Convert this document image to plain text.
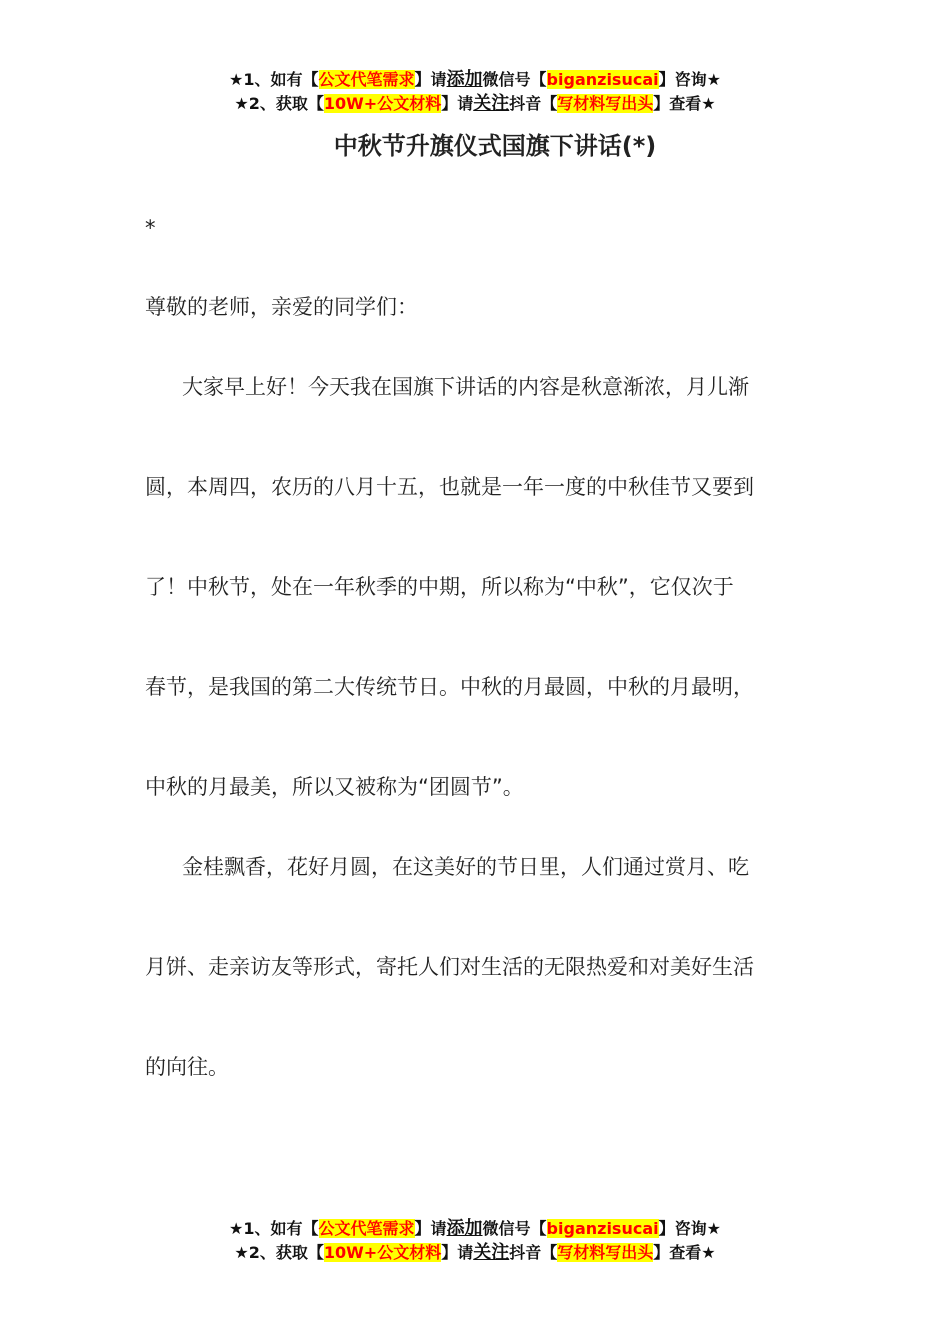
★1、如有【公文代笔需求】请添加微信号【biganzisucai】咨询★
★2、获取【10W+公文材料】请关注抖音【写材料写出头】查看★
中秋节升旗仪式国旗下讲话(*)
*
尊敬的老师，亲爱的同学们：
大家早上好！今天我在国旗下讲话的内容是秋意渐浓，月儿渐
圆，本周四，农历的八月十五，也就是一年一度的中秋佳节又要到
了！中秋节，处在一年秋季的中期，所以称为“中秋”，它仅次于
春节，是我国的第二大传统节日。中秋的月最圆，中秋的月最明，
中秋的月最美，所以又被称为“团圆节”。
金桂飘香，花好月圆，在这美好的节日里，人们通过赏月、吃
月饼、走亲访友等形式，寄托人们对生活的无限热爱和对美好生活
的向往。
★1、如有【公文代笔需求】请添加微信号【biganzisucai】咨询★
★2、获取【10W+公文材料】请关注抖音【写材料写出头】查看★
